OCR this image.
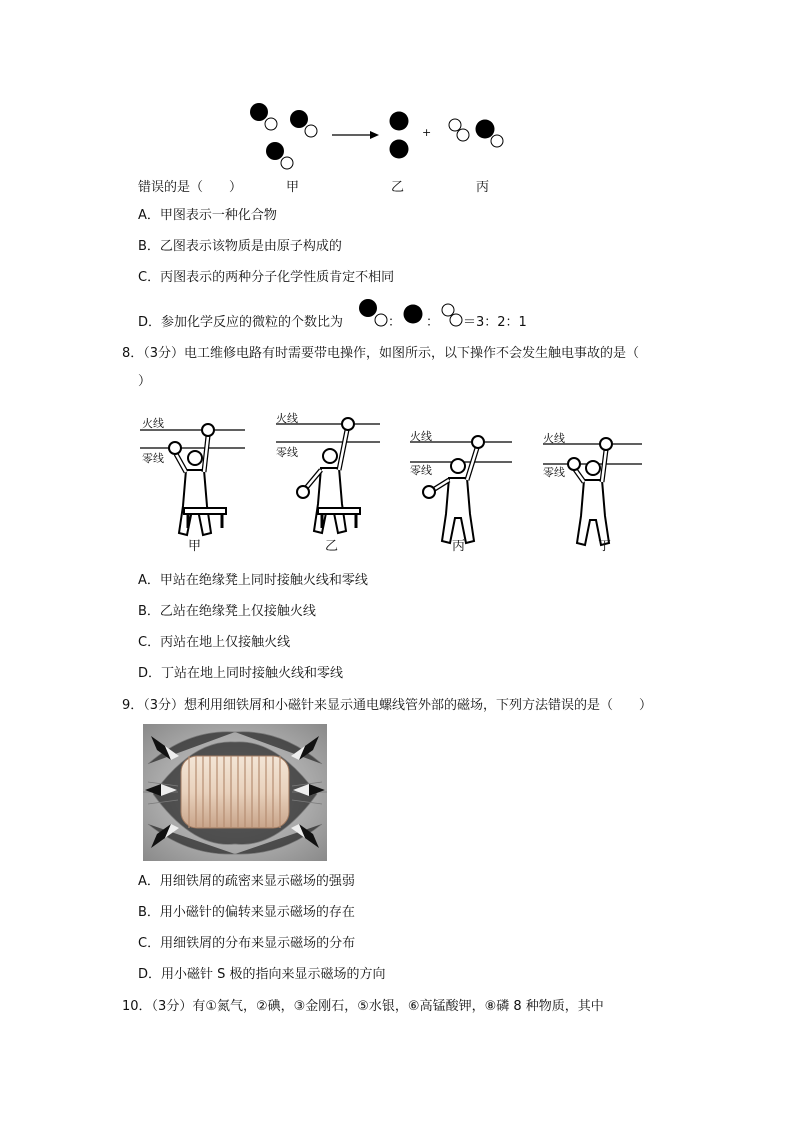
+
错误的是（　　）	甲	乙	丙
A．甲图表示一种化合物
B．乙图表示该物质是由原子构成的
C．丙图表示的两种分子化学性质肯定不相同
D．参加化学反应的微粒的个数比为	： ： ＝3：2：1
8．（3分）电工维修电路有时需要带电操作，如图所示，以下操作不会发生触电事故的是（
）
火线
零线
火线
零线
火线
零线
火线
零线
甲	乙	丙	丁
A．甲站在绝缘凳上同时接触火线和零线
B．乙站在绝缘凳上仅接触火线
C．丙站在地上仅接触火线
D．丁站在地上同时接触火线和零线
9．（3分）想利用细铁屑和小磁针来显示通电螺线管外部的磁场，下列方法错误的是（　　）
A．用细铁屑的疏密来显示磁场的强弱
B．用小磁针的偏转来显示磁场的存在
C．用细铁屑的分布来显示磁场的分布
D．用小磁针 S 极的指向来显示磁场的方向
10．（3分）有①氮气，②碘，③金刚石，⑤水银，⑥高锰酸钾，⑧磷 8 种物质，其中
